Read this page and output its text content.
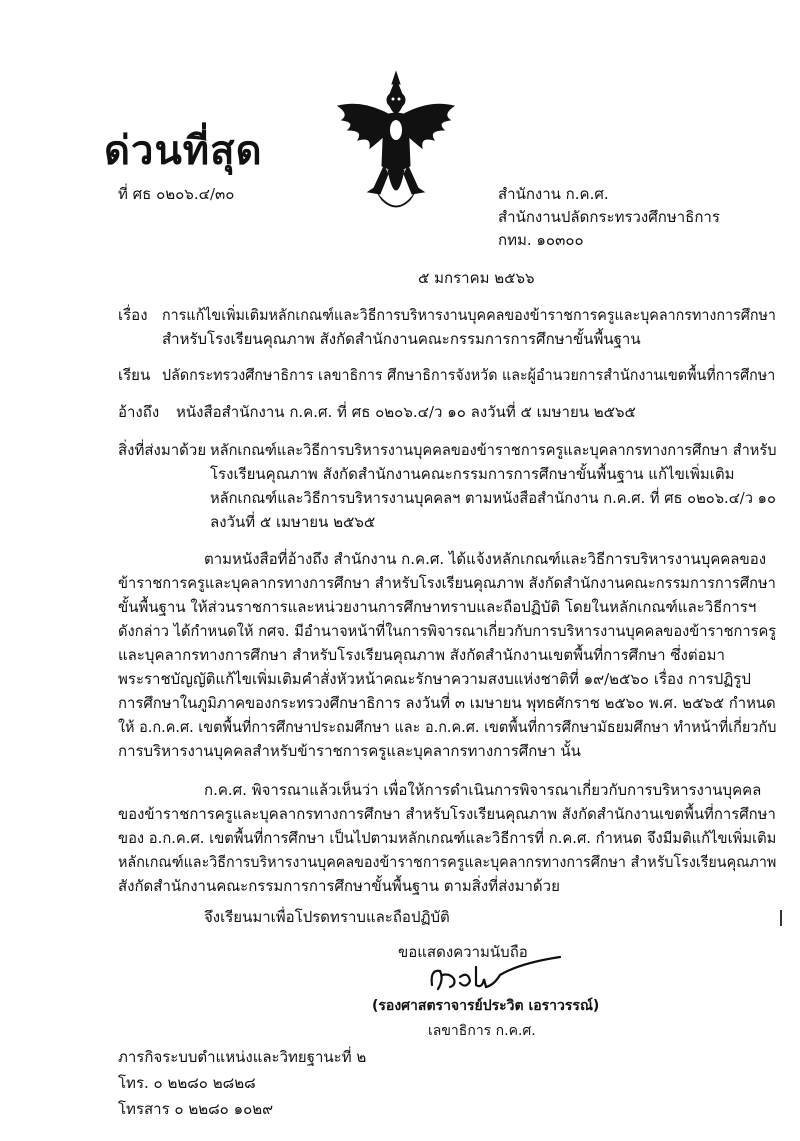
ด่วนที่สุด
ที่ ศธ ๐๒๐๖.๔/๓๐	สำนักงาน ก.ค.ศ.
สำนักงานปลัดกระทรวงศึกษาธิการ
กทม. ๑๐๓๐๐
๕ มกราคม ๒๕๖๖
เรื่อง การแก้ไขเพิ่มเติมหลักเกณฑ์และวิธีการบริหารงานบุคคลของข้าราชการครูและบุคลากรทางการศึกษา
สำหรับโรงเรียนคุณภาพ สังกัดสำนักงานคณะกรรมการการศึกษาขั้นพื้นฐาน
เรียน ปลัดกระทรวงศึกษาธิการ เลขาธิการ ศึกษาธิการจังหวัด และผู้อำนวยการสำนักงานเขตพื้นที่การศึกษา
อ้างถึง หนังสือสำนักงาน ก.ค.ศ. ที่ ศธ ๐๒๐๖.๔/ว ๑๐ ลงวันที่ ๕ เมษายน ๒๕๖๕
สิ่งที่ส่งมาด้วย หลักเกณฑ์และวิธีการบริหารงานบุคคลของข้าราชการครูและบุคลากรทางการศึกษา สำหรับ
โรงเรียนคุณภาพ สังกัดสำนักงานคณะกรรมการการศึกษาขั้นพื้นฐาน แก้ไขเพิ่มเติม
หลักเกณฑ์และวิธีการบริหารงานบุคคลฯ ตามหนังสือสำนักงาน ก.ค.ศ. ที่ ศธ ๐๒๐๖.๔/ว ๑๐
ลงวันที่ ๕ เมษายน ๒๕๖๕
ตามหนังสือที่อ้างถึง สำนักงาน ก.ค.ศ. ได้แจ้งหลักเกณฑ์และวิธีการบริหารงานบุคคลของ
ข้าราชการครูและบุคลากรทางการศึกษา สำหรับโรงเรียนคุณภาพ สังกัดสำนักงานคณะกรรมการการศึกษา
ขั้นพื้นฐาน ให้ส่วนราชการและหน่วยงานการศึกษาทราบและถือปฏิบัติ โดยในหลักเกณฑ์และวิธีการฯ
ดังกล่าว ได้กำหนดให้ กศจ. มีอำนาจหน้าที่ในการพิจารณาเกี่ยวกับการบริหารงานบุคคลของข้าราชการครู
และบุคลากรทางการศึกษา สำหรับโรงเรียนคุณภาพ สังกัดสำนักงานเขตพื้นที่การศึกษา ซึ่งต่อมา
พระราชบัญญัติแก้ไขเพิ่มเติมคำสั่งหัวหน้าคณะรักษาความสงบแห่งชาติที่ ๑๙/๒๕๖๐ เรื่อง การปฏิรูป
การศึกษาในภูมิภาคของกระทรวงศึกษาธิการ ลงวันที่ ๓ เมษายน พุทธศักราช ๒๕๖๐ พ.ศ. ๒๕๖๕ กำหนด
ให้ อ.ก.ค.ศ. เขตพื้นที่การศึกษาประถมศึกษา และ อ.ก.ค.ศ. เขตพื้นที่การศึกษามัธยมศึกษา ทำหน้าที่เกี่ยวกับ
การบริหารงานบุคคลสำหรับข้าราชการครูและบุคลากรทางการศึกษา นั้น
ก.ค.ศ. พิจารณาแล้วเห็นว่า เพื่อให้การดำเนินการพิจารณาเกี่ยวกับการบริหารงานบุคคล
ของข้าราชการครูและบุคลากรทางการศึกษา สำหรับโรงเรียนคุณภาพ สังกัดสำนักงานเขตพื้นที่การศึกษา
ของ อ.ก.ค.ศ. เขตพื้นที่การศึกษา เป็นไปตามหลักเกณฑ์และวิธีการที่ ก.ค.ศ. กำหนด จึงมีมติแก้ไขเพิ่มเติม
หลักเกณฑ์และวิธีการบริหารงานบุคคลของข้าราชการครูและบุคลากรทางการศึกษา สำหรับโรงเรียนคุณภาพ
สังกัดสำนักงานคณะกรรมการการศึกษาขั้นพื้นฐาน ตามสิ่งที่ส่งมาด้วย
จึงเรียนมาเพื่อโปรดทราบและถือปฏิบัติ
ขอแสดงความนับถือ
(รองศาสตราจารย์ประวิต เอราวรรณ์)
เลขาธิการ ก.ค.ศ.
ภารกิจระบบตำแหน่งและวิทยฐานะที่ ๒
โทร. ๐ ๒๒๘๐ ๒๘๒๘
โทรสาร ๐ ๒๒๘๐ ๑๐๒๙
